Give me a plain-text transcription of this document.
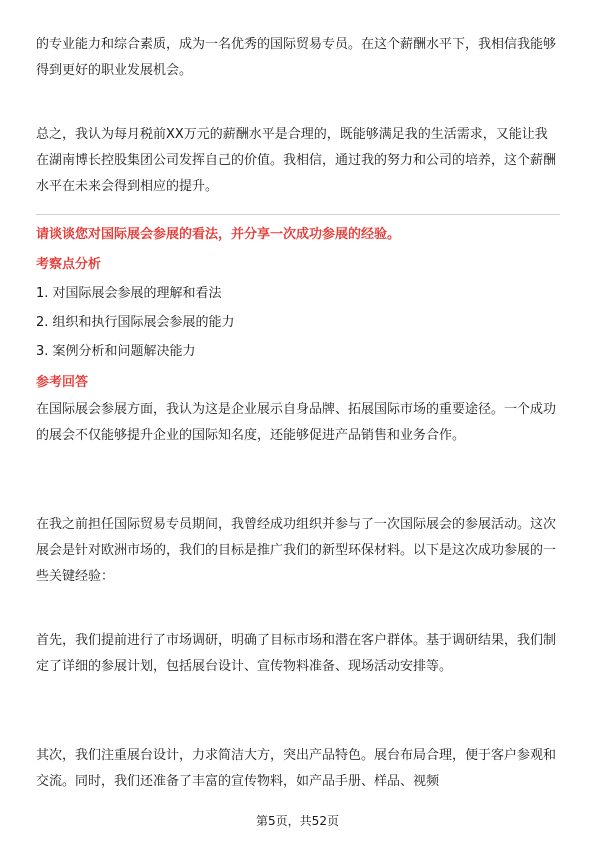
的专业能力和综合素质，成为一名优秀的国际贸易专员。在这个薪酬水平下，我相信我能够得到更好的职业发展机会。

总之，我认为每月税前XX万元的薪酬水平是合理的，既能够满足我的生活需求，又能让我在湖南博长控股集团公司发挥自己的价值。我相信，通过我的努力和公司的培养，这个薪酬水平在未来会得到相应的提升。

请谈谈您对国际展会参展的看法，并分享一次成功参展的经验。
考察点分析
1. 对国际展会参展的理解和看法
2. 组织和执行国际展会参展的能力
3. 案例分析和问题解决能力
参考回答

在国际展会参展方面，我认为这是企业展示自身品牌、拓展国际市场的重要途径。一个成功的展会不仅能够提升企业的国际知名度，还能够促进产品销售和业务合作。

在我之前担任国际贸易专员期间，我曾经成功组织并参与了一次国际展会的参展活动。这次展会是针对欧洲市场的，我们的目标是推广我们的新型环保材料。以下是这次成功参展的一些关键经验：

首先，我们提前进行了市场调研，明确了目标市场和潜在客户群体。基于调研结果，我们制定了详细的参展计划，包括展台设计、宣传物料准备、现场活动安排等。

其次，我们注重展台设计，力求简洁大方，突出产品特色。展台布局合理，便于客户参观和交流。同时，我们还准备了丰富的宣传物料，如产品手册、样品、视频

第5页，共52页
